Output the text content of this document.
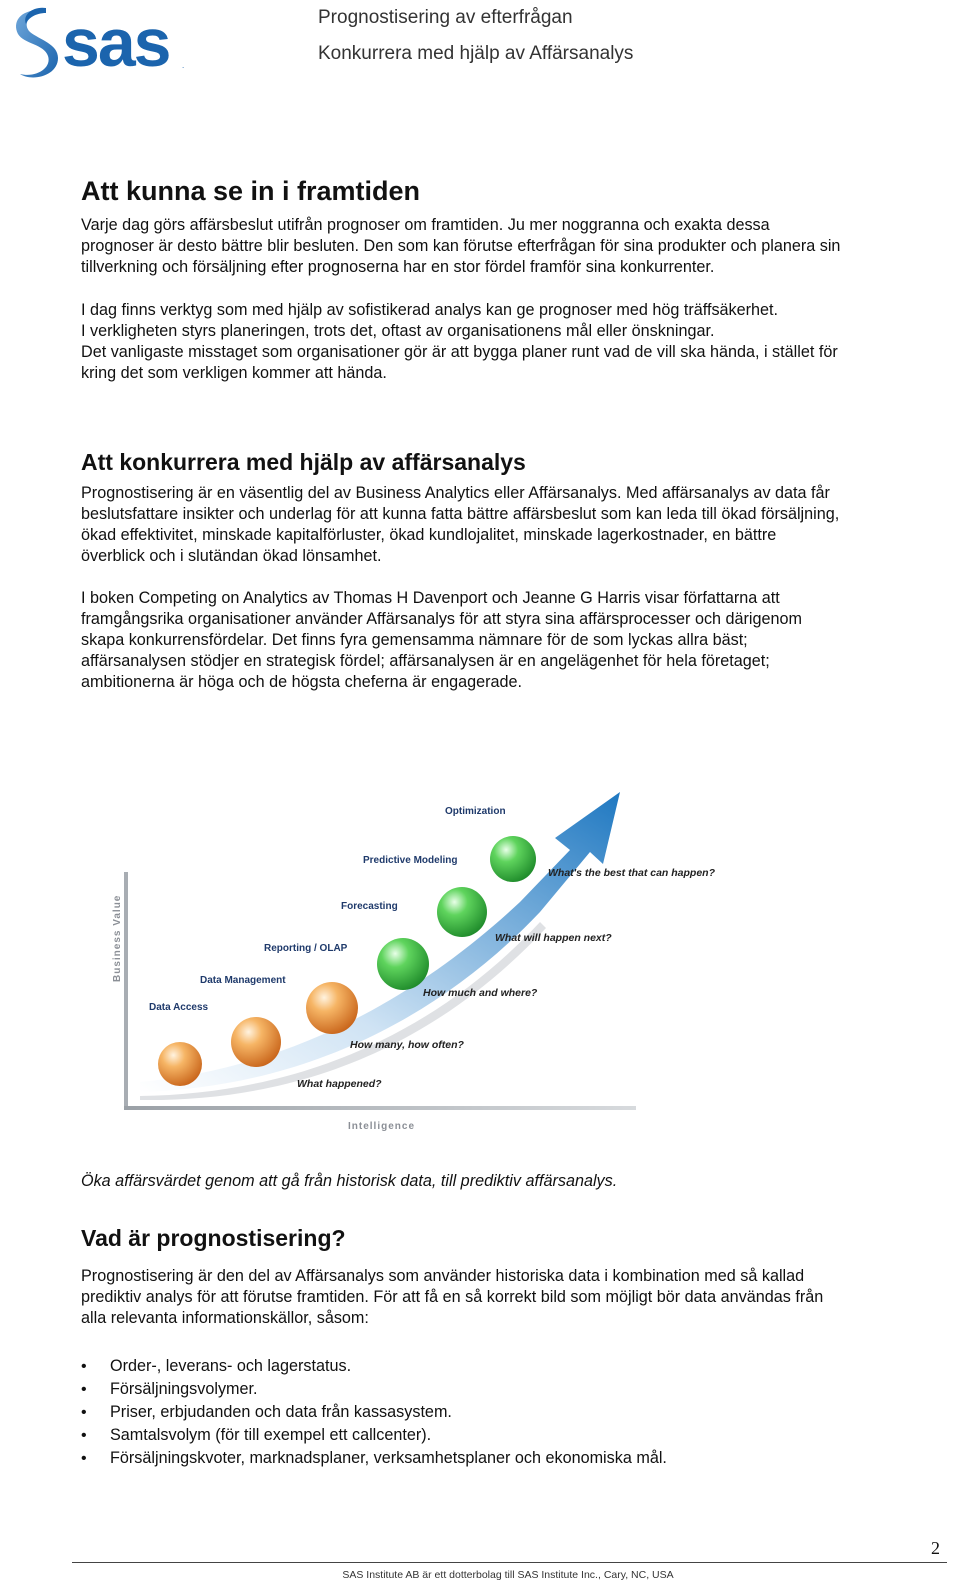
sas .
Prognostisering av efterfrågan
Konkurrera med hjälp av Affärsanalys
Att kunna se in i framtiden
Varje dag görs affärsbeslut utifrån prognoser om framtiden. Ju mer noggranna och exakta dessa
prognoser är desto bättre blir besluten. Den som kan förutse efterfrågan för sina produkter och planera sin
tillverkning och försäljning efter prognoserna har en stor fördel framför sina konkurrenter.
I dag finns verktyg som med hjälp av sofistikerad analys kan ge prognoser med hög träffsäkerhet.
I verkligheten styrs planeringen, trots det, oftast av organisationens mål eller önskningar.
Det vanligaste misstaget som organisationer gör är att bygga planer runt vad de vill ska hända, i stället för
kring det som verkligen kommer att hända.
Att konkurrera med hjälp av affärsanalys
Prognostisering är en väsentlig del av Business Analytics eller Affärsanalys. Med affärsanalys av data får
beslutsfattare insikter och underlag för att kunna fatta bättre affärsbeslut som kan leda till ökad försäljning,
ökad effektivitet, minskade kapitalförluster, ökad kundlojalitet, minskade lagerkostnader, en bättre
överblick och i slutändan ökad lönsamhet.
I boken Competing on Analytics av Thomas H Davenport och Jeanne G Harris visar författarna att
framgångsrika organisationer använder Affärsanalys för att styra sina affärsprocesser och därigenom
skapa konkurrensfördelar. Det finns fyra gemensamma nämnare för de som lyckas allra bäst;
affärsanalysen stödjer en strategisk fördel; affärsanalysen är en angelägenhet för hela företaget;
ambitionerna är höga och de högsta cheferna är engagerade.
Data Access
Data Management
Reporting / OLAP
Forecasting
Predictive Modeling
Optimization
What happened?
How many, how often?
How much and where?
What will happen next?
What's the best that can happen?
Business Value
Intelligence

Öka affärsvärdet genom att gå från historisk data, till prediktiv affärsanalys.

Vad är prognostisering?
Prognostisering är den del av Affärsanalys som använder historiska data i kombination med så kallad
prediktiv analys för att förutse framtiden. För att få en så korrekt bild som möjligt bör data användas från
alla relevanta informationskällor, såsom:
• Order-, leverans- och lagerstatus.
• Försäljningsvolymer.
• Priser, erbjudanden och data från kassasystem.
• Samtalsvolym (för till exempel ett callcenter).
• Försäljningskvoter, marknadsplaner, verksamhetsplaner och ekonomiska mål.
2
SAS Institute AB är ett dotterbolag till SAS Institute Inc., Cary, NC, USA
